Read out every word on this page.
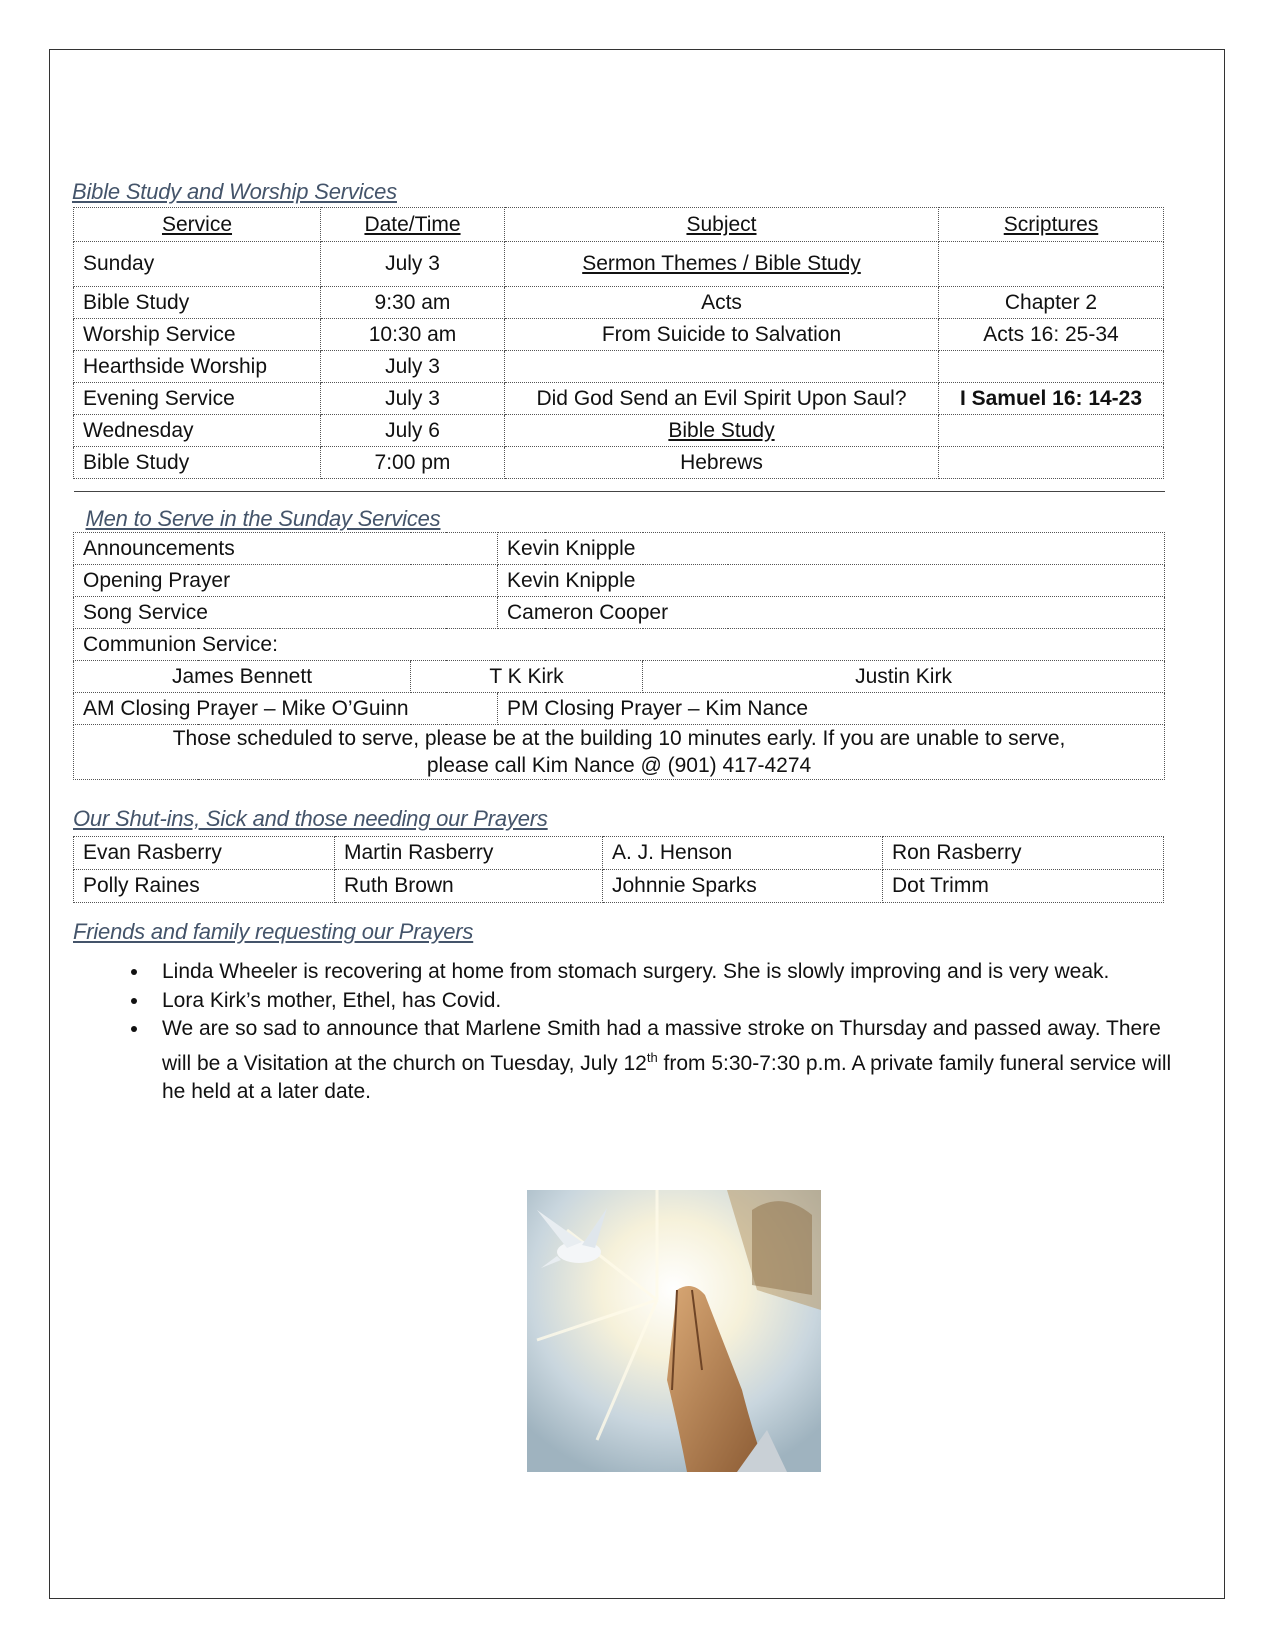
Bible Study and Worship Services
Service	Date/Time	Subject	Scriptures
Sunday	July 3	Sermon Themes / Bible Study	
Bible Study	9:30 am	Acts	Chapter 2
Worship Service	10:30 am	From Suicide to Salvation	Acts 16: 25-34
Hearthside Worship	July 3		
Evening Service	July 3	Did God Send an Evil Spirit Upon Saul?	I Samuel 16: 14-23
Wednesday	July 6	Bible Study	
Bible Study	7:00 pm	Hebrews	
Men to Serve in the Sunday Services			
Announcements		Kevin Knipple	
Opening Prayer		Kevin Knipple	
Song Service		Cameron Cooper	
Communion Service:			
James Bennett	T K Kirk		Justin Kirk
AM Closing Prayer – Mike O’Guinn		PM Closing Prayer – Kim Nance	
Those scheduled to serve, please be at the building 10 minutes early. If you are unable to serve,
please call Kim Nance @ (901) 417-4274			
Our Shut-ins, Sick and those needing our Prayers
Evan Rasberry	Martin Rasberry	A. J. Henson	Ron Rasberry
Polly Raines	Ruth Brown	Johnnie Sparks	Dot Trimm
Friends and family requesting our Prayers
• Linda Wheeler is recovering at home from stomach surgery. She is slowly improving and is very weak.
• Lora Kirk’s mother, Ethel, has Covid.
• We are so sad to announce that Marlene Smith had a massive stroke on Thursday and passed away. There will be a Visitation at the church on Tuesday, July 12th from 5:30-7:30 p.m. A private family funeral service will he held at a later date.
